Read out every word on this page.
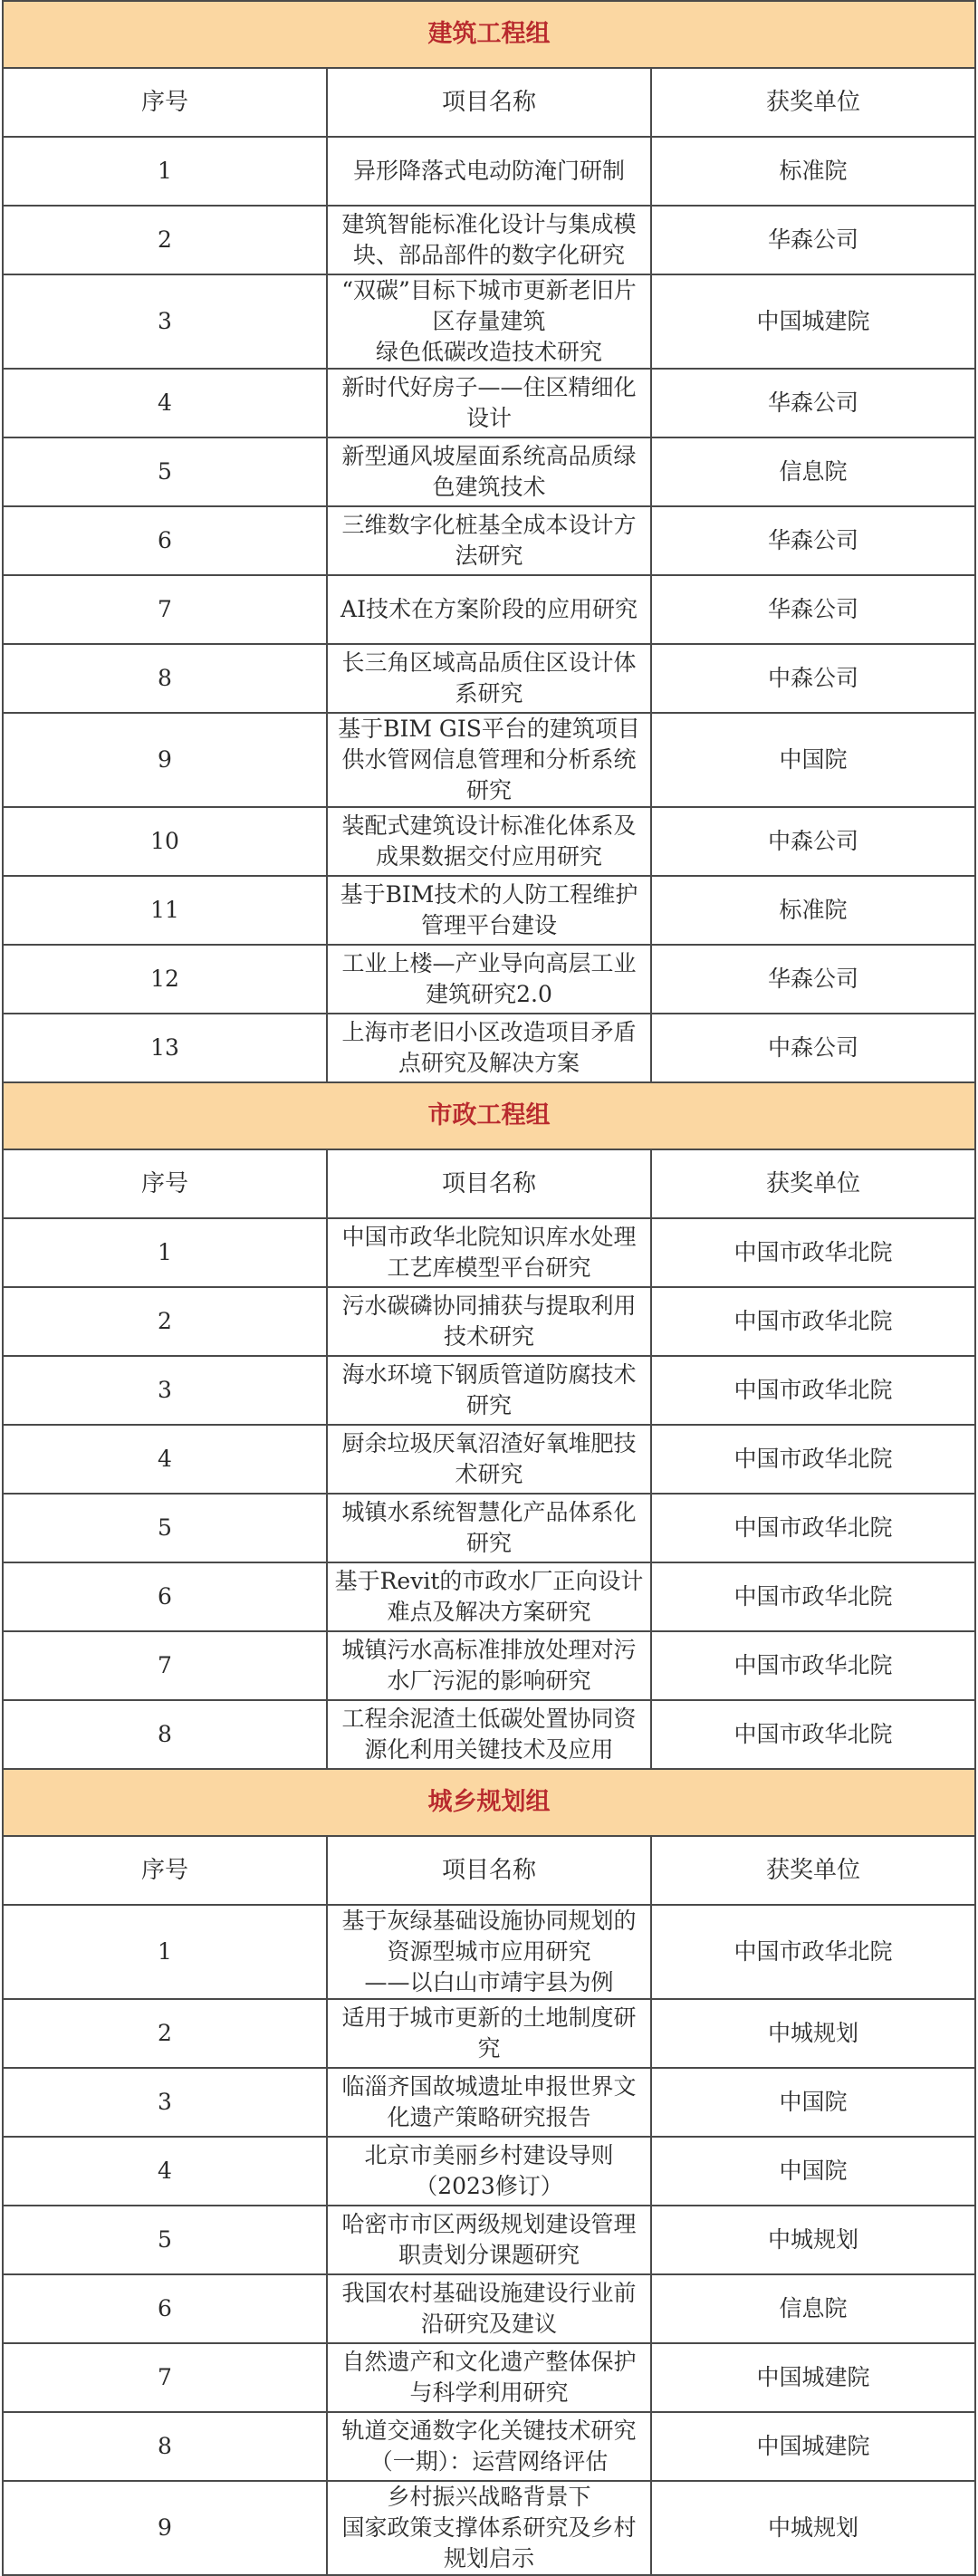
建筑工程组		
序号	项目名称	获奖单位
1	异形降落式电动防淹门研制	标准院
2	建筑智能标准化设计与集成模块、部品部件的数字化研究	华森公司
3	“双碳”目标下城市更新老旧片区存量建筑
绿色低碳改造技术研究	中国城建院
4	新时代好房子——住区精细化设计	华森公司
5	新型通风坡屋面系统高品质绿色建筑技术	信息院
6	三维数字化桩基全成本设计方法研究	华森公司
7	AI技术在方案阶段的应用研究	华森公司
8	长三角区域高品质住区设计体系研究	中森公司
9	基于BIM GIS平台的建筑项目
供水管网信息管理和分析系统研究	中国院
10	装配式建筑设计标准化体系及成果数据交付应用研究	中森公司
11	基于BIM技术的人防工程维护管理平台建设	标准院
12	工业上楼—产业导向高层工业建筑研究2.0	华森公司
13	上海市老旧小区改造项目矛盾点研究及解决方案	中森公司
市政工程组		
序号	项目名称	获奖单位
1	中国市政华北院知识库水处理工艺库模型平台研究	中国市政华北院
2	污水碳磷协同捕获与提取利用技术研究	中国市政华北院
3	海水环境下钢质管道防腐技术研究	中国市政华北院
4	厨余垃圾厌氧沼渣好氧堆肥技术研究	中国市政华北院
5	城镇水系统智慧化产品体系化研究	中国市政华北院
6	基于Revit的市政水厂正向设计难点及解决方案研究	中国市政华北院
7	城镇污水高标准排放处理对污水厂污泥的影响研究	中国市政华北院
8	工程余泥渣土低碳处置协同资源化利用关键技术及应用	中国市政华北院
城乡规划组		
序号	项目名称	获奖单位
1	基于灰绿基础设施协同规划的资源型城市应用研究
——以白山市靖宇县为例	中国市政华北院
2	适用于城市更新的土地制度研究	中城规划
3	临淄齐国故城遗址申报世界文化遗产策略研究报告	中国院
4	北京市美丽乡村建设导则（2023修订）	中国院
5	哈密市市区两级规划建设管理职责划分课题研究	中城规划
6	我国农村基础设施建设行业前沿研究及建议	信息院
7	自然遗产和文化遗产整体保护与科学利用研究	中国城建院
8	轨道交通数字化关键技术研究（一期）：运营网络评估	中国城建院
9	乡村振兴战略背景下
国家政策支撑体系研究及乡村规划启示	中城规划
